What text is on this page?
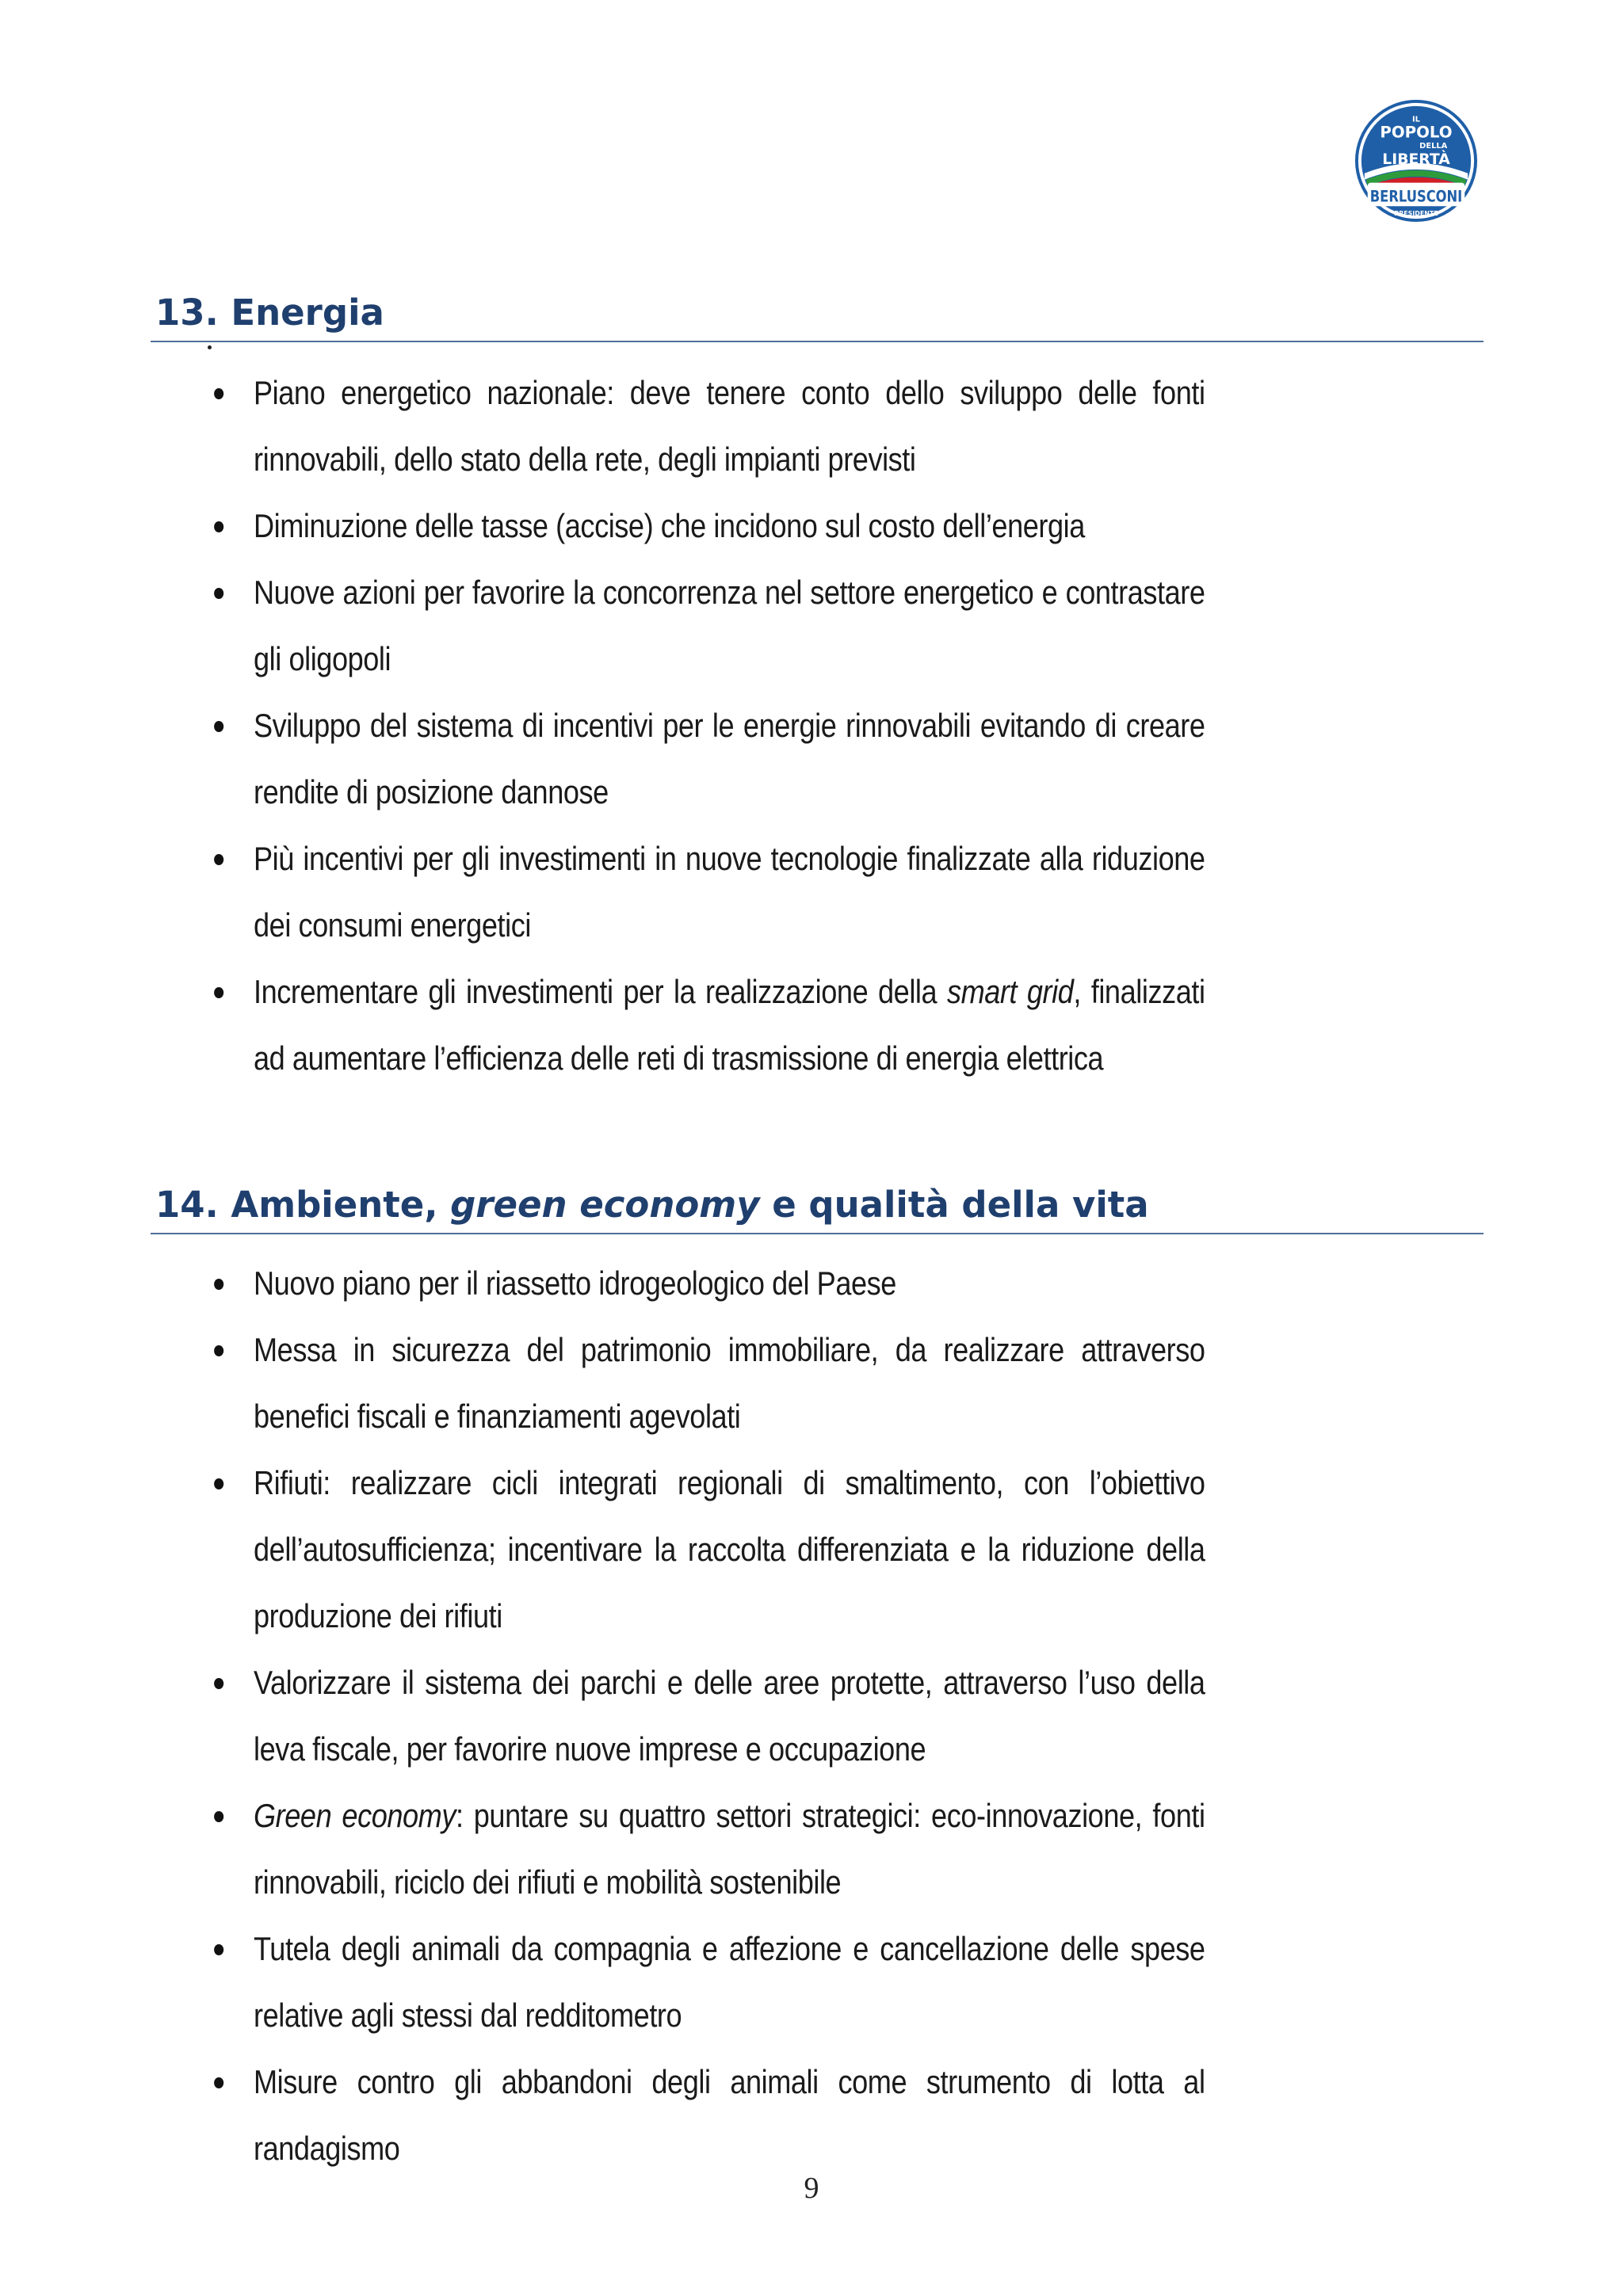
IL
POPOLO
DELLA
LIBERTÀ
BERLUSCONI
PRESIDENTE
13. Energia
Piano energetico nazionale: deve tenere conto dello sviluppo delle fonti rinnovabili, dello stato della rete, degli impianti previsti
Diminuzione delle tasse (accise) che incidono sul costo dell’energia
Nuove azioni per favorire la concorrenza nel settore energetico e contrastare gli oligopoli
Sviluppo del sistema di incentivi per le energie rinnovabili evitando di creare rendite di posizione dannose
Più incentivi per gli investimenti in nuove tecnologie finalizzate alla riduzione dei consumi energetici
Incrementare gli investimenti per la realizzazione della smart grid, finalizzati ad aumentare l’efficienza delle reti di trasmissione di energia elettrica
14. Ambiente, green economy e qualità della vita
Nuovo piano per il riassetto idrogeologico del Paese
Messa in sicurezza del patrimonio immobiliare, da realizzare attraverso benefici fiscali e finanziamenti agevolati
Rifiuti: realizzare cicli integrati regionali di smaltimento, con l’obiettivo dell’autosufficienza; incentivare la raccolta differenziata e la riduzione della produzione dei rifiuti
Valorizzare il sistema dei parchi e delle aree protette, attraverso l’uso della leva fiscale, per favorire nuove imprese e occupazione
Green economy: puntare su quattro settori strategici: eco-innovazione, fonti rinnovabili, riciclo dei rifiuti e mobilità sostenibile
Tutela degli animali da compagnia e affezione e cancellazione delle spese relative agli stessi dal redditometro
Misure contro gli abbandoni degli animali come strumento di lotta al randagismo
9
